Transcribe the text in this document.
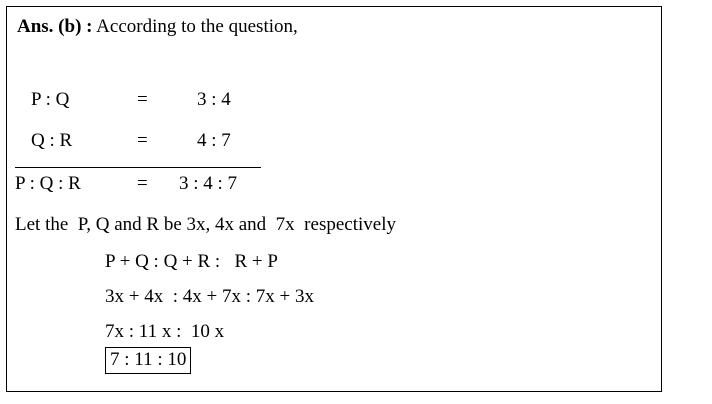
Ans. (b) : According to the question,
P : Q	=	3 : 4
Q : R	=	4 : 7
P : Q : R	= 3 : 4 : 7
Let the  P, Q and R be 3x, 4x and  7x  respectively
P + Q : Q + R :   R + P
3x + 4x  : 4x + 7x : 7x + 3x
7x : 11 x :  10 x
7 : 11 : 10
